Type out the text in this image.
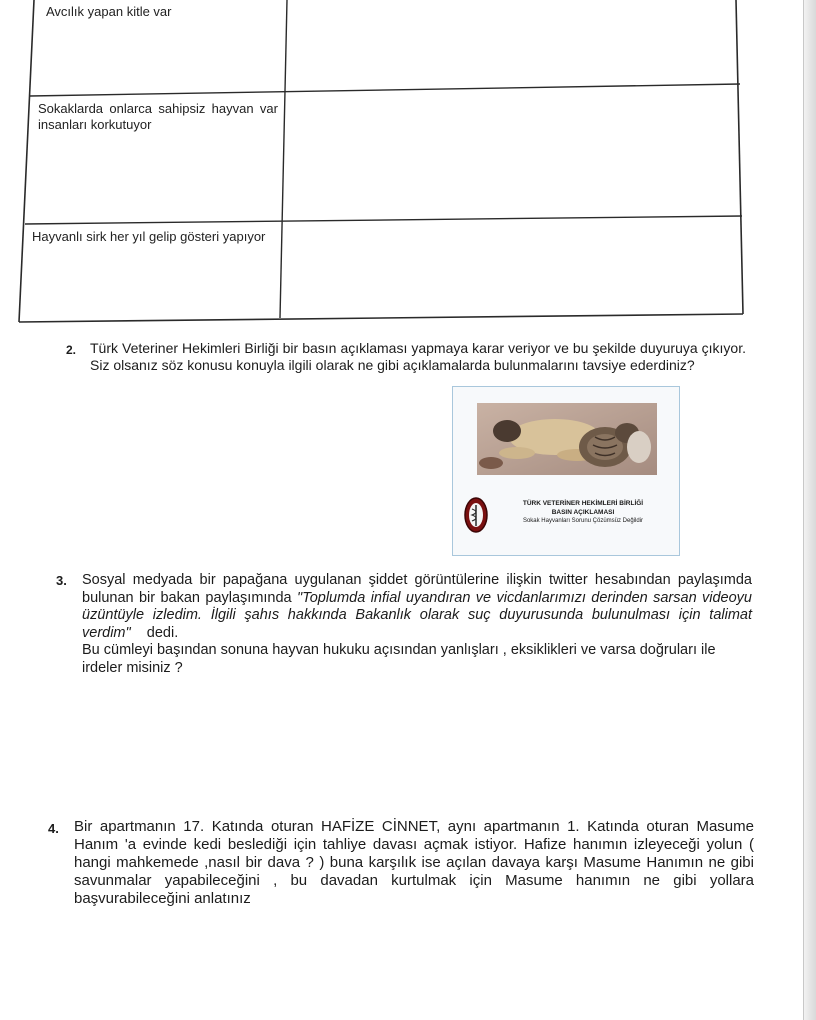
Avcılık yapan kitle var
Sokaklarda onlarca sahipsiz hayvan var insanları korkutuyor
Hayvanlı sirk her yıl gelip gösteri yapıyor
2. Türk Veteriner Hekimleri Birliği bir basın açıklaması yapmaya karar veriyor ve bu şekilde duyuruya çıkıyor. Siz olsanız söz konusu konuyla ilgili olarak ne gibi açıklamalarda bulunmalarını tavsiye ederdiniz?
TÜRK VETERİNER HEKİMLERİ BİRLİĞİ
BASIN AÇIKLAMASI
Sokak Hayvanları Sorunu Çözümsüz Değildir
3. Sosyal medyada bir papağana uygulanan şiddet görüntülerine ilişkin twitter hesabından paylaşımda bulunan bir bakan paylaşımında "Toplumda infial uyandıran ve vicdanlarımızı derinden sarsan videoyu üzüntüyle izledim. İlgili şahıs hakkında Bakanlık olarak suç duyurusunda bulunulması için talimat verdim" dedi.

Bu cümleyi başından sonuna hayvan hukuku açısından yanlışları , eksiklikleri ve varsa doğruları ile irdeler misiniz ?

4. Bir apartmanın 17. Katında oturan HAFİZE CİNNET, aynı apartmanın 1. Katında oturan Masume Hanım 'a evinde kedi beslediği için tahliye davası açmak istiyor. Hafize hanımın izleyeceği yolun ( hangi mahkemede ,nasıl bir dava ? ) buna karşılık ise açılan davaya karşı Masume Hanımın ne gibi savunmalar yapabileceğini , bu davadan kurtulmak için Masume hanımın ne gibi yollara başvurabileceğini anlatınız
